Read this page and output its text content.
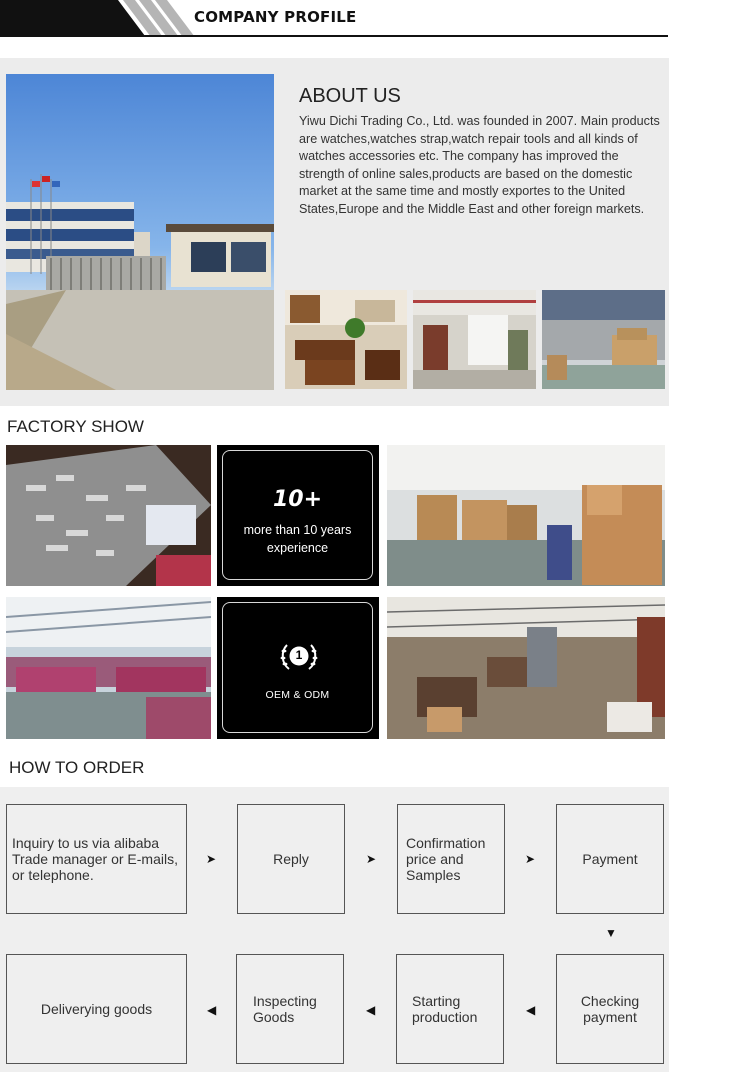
COMPANY PROFILE
ABOUT US
Yiwu Dichi Trading Co., Ltd. was founded in 2007. Main products are watches,watches strap,watch repair tools and all kinds of watches accessories etc. The company has improved the strength of online sales,products are based on the domestic market at the same time and mostly exportes to the United States,Europe and the Middle East and other foreign markets.
FACTORY SHOW
10+
more than 10 years experience
1
OEM & ODM
HOW TO ORDER
Inquiry to us via alibaba Trade manager or E-mails, or telephone.
➤	Reply	➤
Confirmation price and Samples
➤	Payment
▼
Deliverying goods	◀
Inspecting Goods	◀
Starting production	◀
Checking payment
